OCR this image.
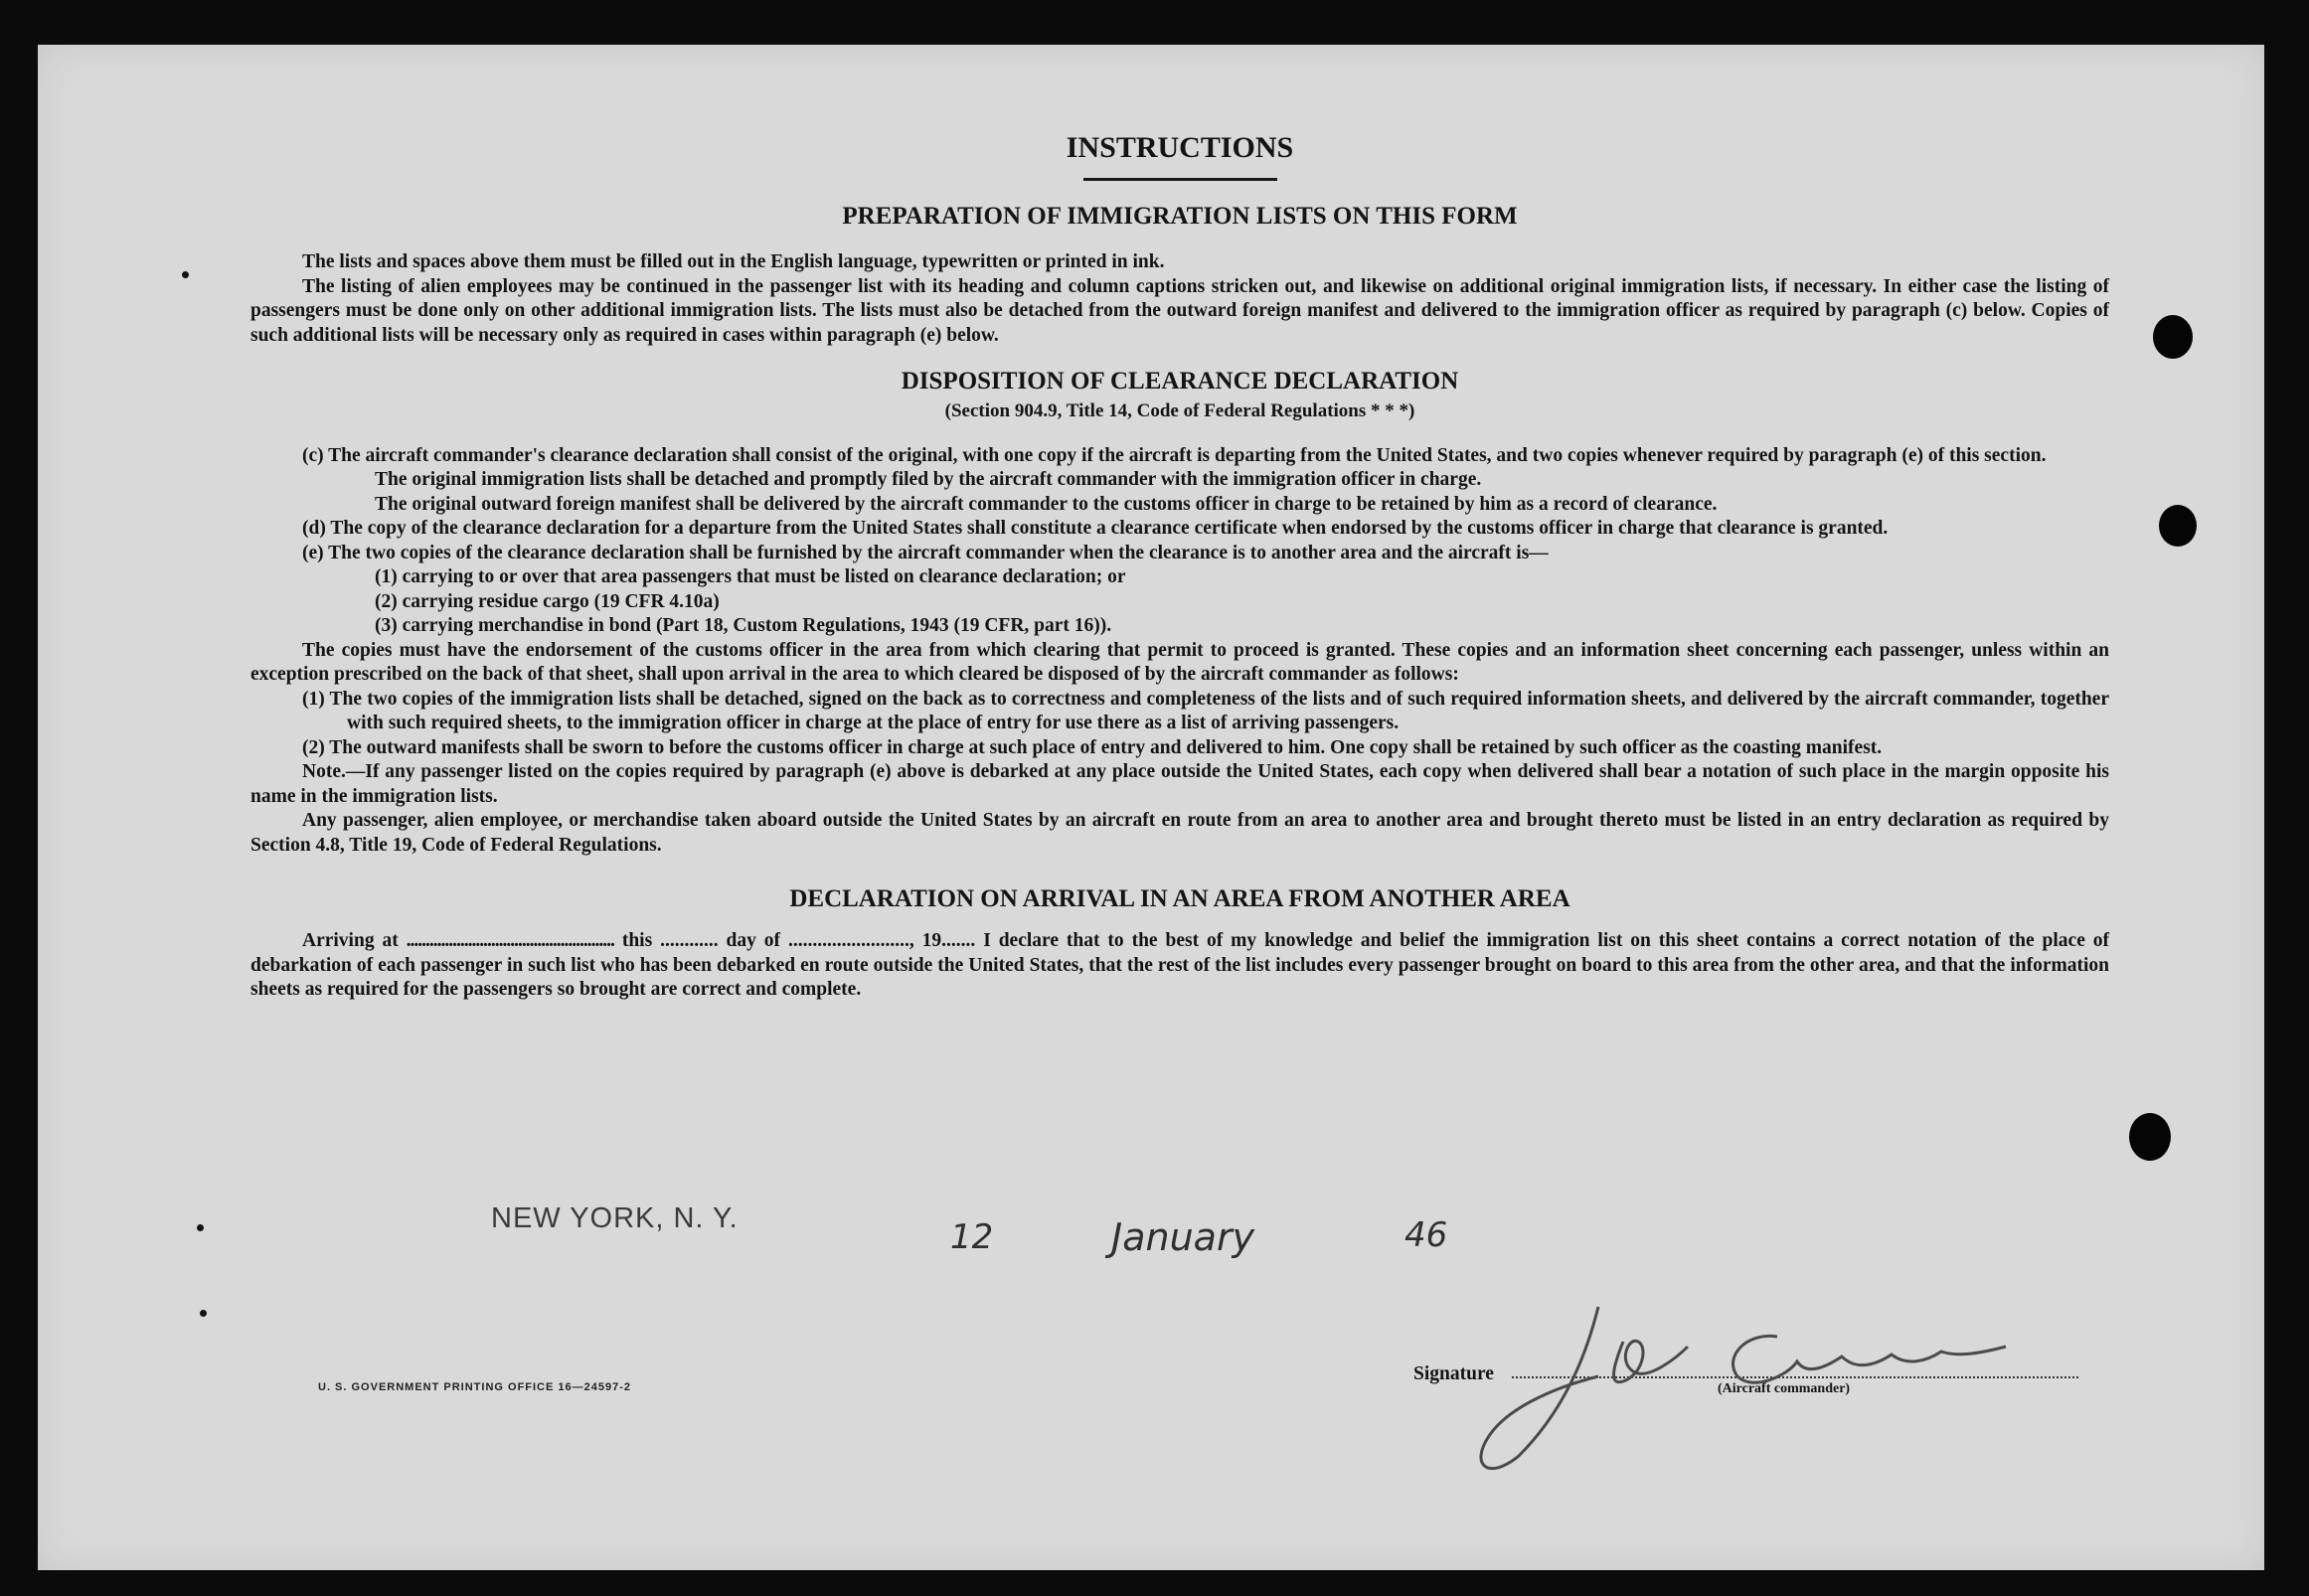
INSTRUCTIONS
PREPARATION OF IMMIGRATION LISTS ON THIS FORM

The lists and spaces above them must be filled out in the English language, typewritten or printed in ink.

The listing of alien employees may be continued in the passenger list with its heading and column captions stricken out, and likewise on additional original immigration lists, if necessary. In either case the listing of passengers must be done only on other additional immigration lists. The lists must also be detached from the outward foreign manifest and delivered to the immigration officer as required by paragraph (c) below. Copies of such additional lists will be necessary only as required in cases within paragraph (e) below.

DISPOSITION OF CLEARANCE DECLARATION
(Section 904.9, Title 14, Code of Federal Regulations * * *)

(c) The aircraft commander's clearance declaration shall consist of the original, with one copy if the aircraft is departing from the United States, and two copies whenever required by paragraph (e) of this section.

The original immigration lists shall be detached and promptly filed by the aircraft commander with the immigration officer in charge.

The original outward foreign manifest shall be delivered by the aircraft commander to the customs officer in charge to be retained by him as a record of clearance.

(d) The copy of the clearance declaration for a departure from the United States shall constitute a clearance certificate when endorsed by the customs officer in charge that clearance is granted.

(e) The two copies of the clearance declaration shall be furnished by the aircraft commander when the clearance is to another area and the aircraft is—

(1) carrying to or over that area passengers that must be listed on clearance declaration; or

(2) carrying residue cargo (19 CFR 4.10a)

(3) carrying merchandise in bond (Part 18, Custom Regulations, 1943 (19 CFR, part 16)).

The copies must have the endorsement of the customs officer in the area from which clearing that permit to proceed is granted. These copies and an information sheet concerning each passenger, unless within an exception prescribed on the back of that sheet, shall upon arrival in the area to which cleared be disposed of by the aircraft commander as follows:

(1) The two copies of the immigration lists shall be detached, signed on the back as to correctness and completeness of the lists and of such required information sheets, and delivered by the aircraft commander, together with such required sheets, to the immigration officer in charge at the place of entry for use there as a list of arriving passengers.

(2) The outward manifests shall be sworn to before the customs officer in charge at such place of entry and delivered to him. One copy shall be retained by such officer as the coasting manifest.

Note.—If any passenger listed on the copies required by paragraph (e) above is debarked at any place outside the United States, each copy when delivered shall bear a notation of such place in the margin opposite his name in the immigration lists.

Any passenger, alien employee, or merchandise taken aboard outside the United States by an aircraft en route from an area to another area and brought thereto must be listed in an entry declaration as required by Section 4.8, Title 19, Code of Federal Regulations.

DECLARATION ON ARRIVAL IN AN AREA FROM ANOTHER AREA

Arriving at ...................................................... this ............ day of ........................., 19....... I declare that to the best of my knowledge and belief the immigration list on this sheet contains a correct notation of the place of debarkation of each passenger in such list who has been debarked en route outside the United States, that the rest of the list includes every passenger brought on board to this area from the other area, and that the information sheets as required for the passengers so brought are correct and complete.

NEW YORK, N. Y.	12	January	46
U. S. GOVERNMENT PRINTING OFFICE 16—24597-2
Signature
(Aircraft commander)
